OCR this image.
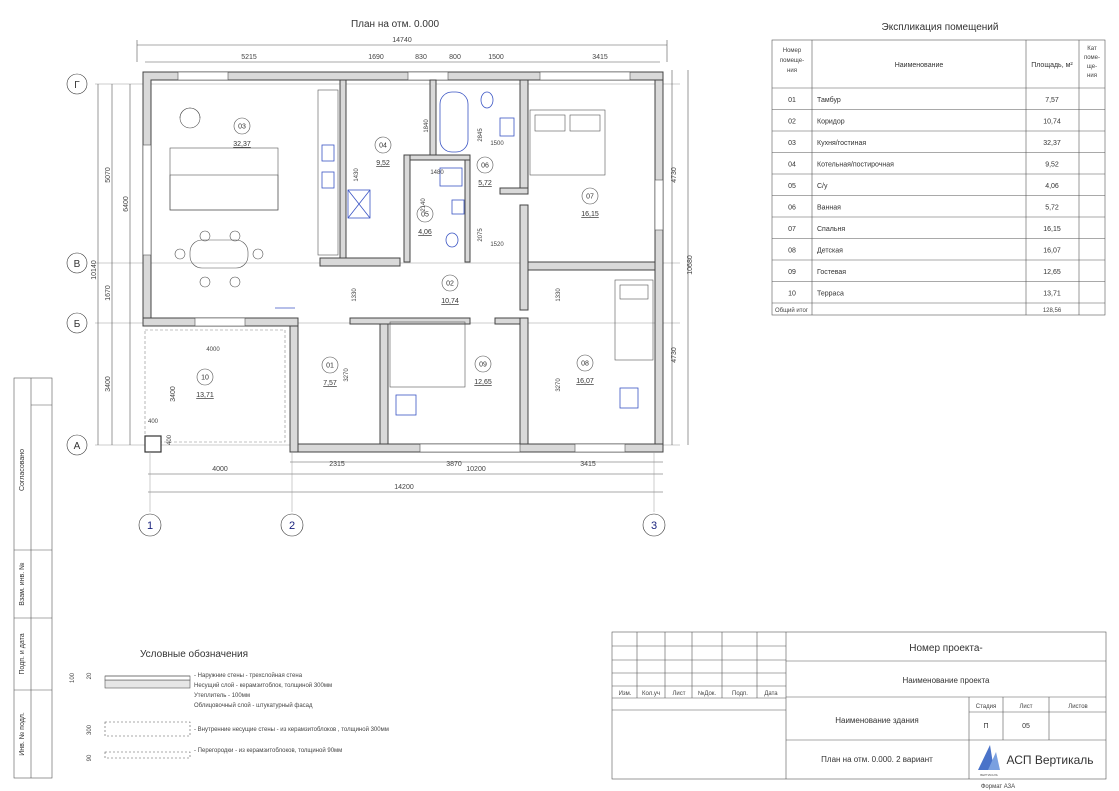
План на отм. 0.000
14740
5215	1690	830	800	1500	3415
Г
В
Б
А
10140
5070
1670
3400
6400
3400
4730
4730
10680
1840
1430
2845
1500
1480
2140
2075
1520
1330
3270
1330
3270
4000
400
400
03
32,37	04
9,52	06
5,72
05
4,06
07
16,15
02
10,74
01
7,57
09
12,65
08
16,07
10
13,71
2315	3870	3415
4000	10200
14200
1	2	3
Экспликация помещений
Номер
помеще-
ния
Наименование	Площадь, м²
Кат
поме-
ще-
ния
01	Тамбур	7,57
02	Коридор	10,74
03	Кухня/гостиная	32,37
04	Котельная/постирочная	9,52
05	С/у	4,06
06	Ванная	5,72
07	Спальня	16,15
08	Детская	16,07
09	Гостевая	12,65
10	Терраса	13,71
Общий итог	128,56
Согласовано
Взам. инв. №
Подп. и дата
Инв. № подл.
Условные обозначения
100 20	- Наружние стены - трехслойная стена
Несущий слой - керамзитоблок, толщиной 300мм
Утеплитель - 100мм
Облицовочный слой - штукатурный фасад
300	- Внутренние несущие стены - из керамзитоблоков , толщиной 300мм
90
- Перегородки - из керамзитоблоков, толщиной 90мм
Изм. Кол.уч Лист №Док.	Подп.	Дата
Номер проекта-
Наименование проекта
Наименование здания
План на отм. 0.000. 2 вариант
Стадия	Лист	Листов
П	05
АСП Вертикаль
ВЕРТИКАЛЬ
Формат А3А
